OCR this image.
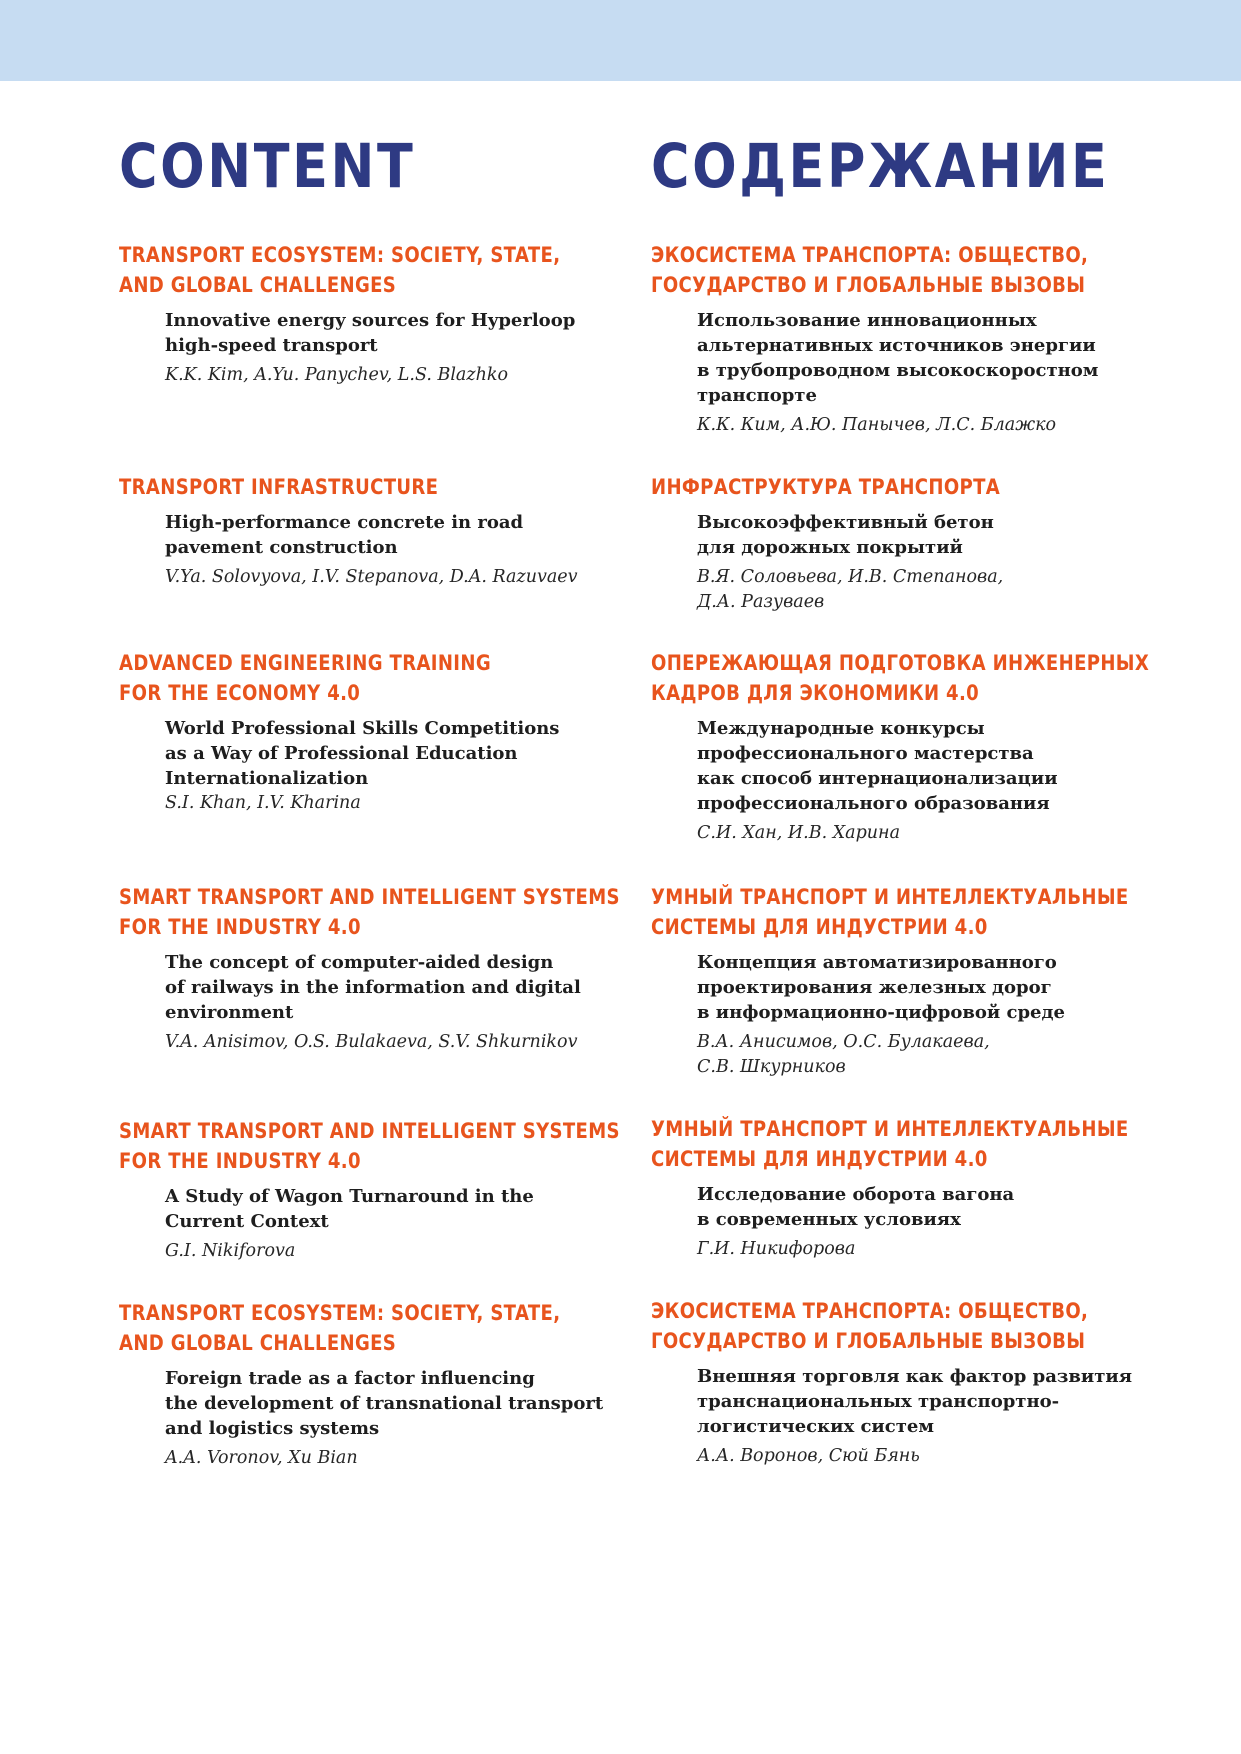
CONTENT
TRANSPORT ECOSYSTEM: SOCIETY, STATE,
AND GLOBAL CHALLENGES

Innovative energy sources for Hyperloop
high-speed transport

K.K. Kim, A.Yu. Panychev, L.S. Blazhko

TRANSPORT INFRASTRUCTURE

High-performance concrete in road
pavement construction

V.Ya. Solovyova, I.V. Stepanova, D.A. Razuvaev

ADVANCED ENGINEERING TRAINING
FOR THE ECONOMY 4.0

World Professional Skills Competitions
as a Way of Professional Education
Internationalization

S.I. Khan, I.V. Kharina

SMART TRANSPORT AND INTELLIGENT SYSTEMS
FOR THE INDUSTRY 4.0

The concept of computer-aided design
of railways in the information and digital
environment

V.A. Anisimov, O.S. Bulakaeva, S.V. Shkurnikov

SMART TRANSPORT AND INTELLIGENT SYSTEMS
FOR THE INDUSTRY 4.0

A Study of Wagon Turnaround in the
Current Context

G.I. Nikiforova

TRANSPORT ECOSYSTEM: SOCIETY, STATE,
AND GLOBAL CHALLENGES

Foreign trade as a factor influencing
the development of transnational transport
and logistics systems

A.A. Voronov, Xu Bian

СОДЕРЖАНИЕ
ЭКОСИСТЕМА ТРАНСПОРТА: ОБЩЕСТВО,
ГОСУДАРСТВО И ГЛОБАЛЬНЫЕ ВЫЗОВЫ

Использование инновационных
альтернативных источников энергии
в трубопроводном высокоскоростном
транспорте

К.К. Ким, А.Ю. Панычев, Л.С. Блажко

ИНФРАСТРУКТУРА ТРАНСПОРТА

Высокоэффективный бетон
для дорожных покрытий

В.Я. Соловьева, И.В. Степанова,
Д.А. Разуваев

ОПЕРЕЖАЮЩАЯ ПОДГОТОВКА ИНЖЕНЕРНЫХ
КАДРОВ ДЛЯ ЭКОНОМИКИ 4.0

Международные конкурсы
профессионального мастерства
как способ интернационализации
профессионального образования

С.И. Хан, И.В. Харина

УМНЫЙ ТРАНСПОРТ И ИНТЕЛЛЕКТУАЛЬНЫЕ
СИСТЕМЫ ДЛЯ ИНДУСТРИИ 4.0

Концепция автоматизированного
проектирования железных дорог
в информационно-цифровой среде

В.А. Анисимов, О.С. Булакаева,
С.В. Шкурников

УМНЫЙ ТРАНСПОРТ И ИНТЕЛЛЕКТУАЛЬНЫЕ
СИСТЕМЫ ДЛЯ ИНДУСТРИИ 4.0

Исследование оборота вагона
в современных условиях

Г.И. Никифорова

ЭКОСИСТЕМА ТРАНСПОРТА: ОБЩЕСТВО,
ГОСУДАРСТВО И ГЛОБАЛЬНЫЕ ВЫЗОВЫ

Внешняя торговля как фактор развития
транснациональных транспортно-
логистических систем

А.А. Воронов, Сюй Бянь
